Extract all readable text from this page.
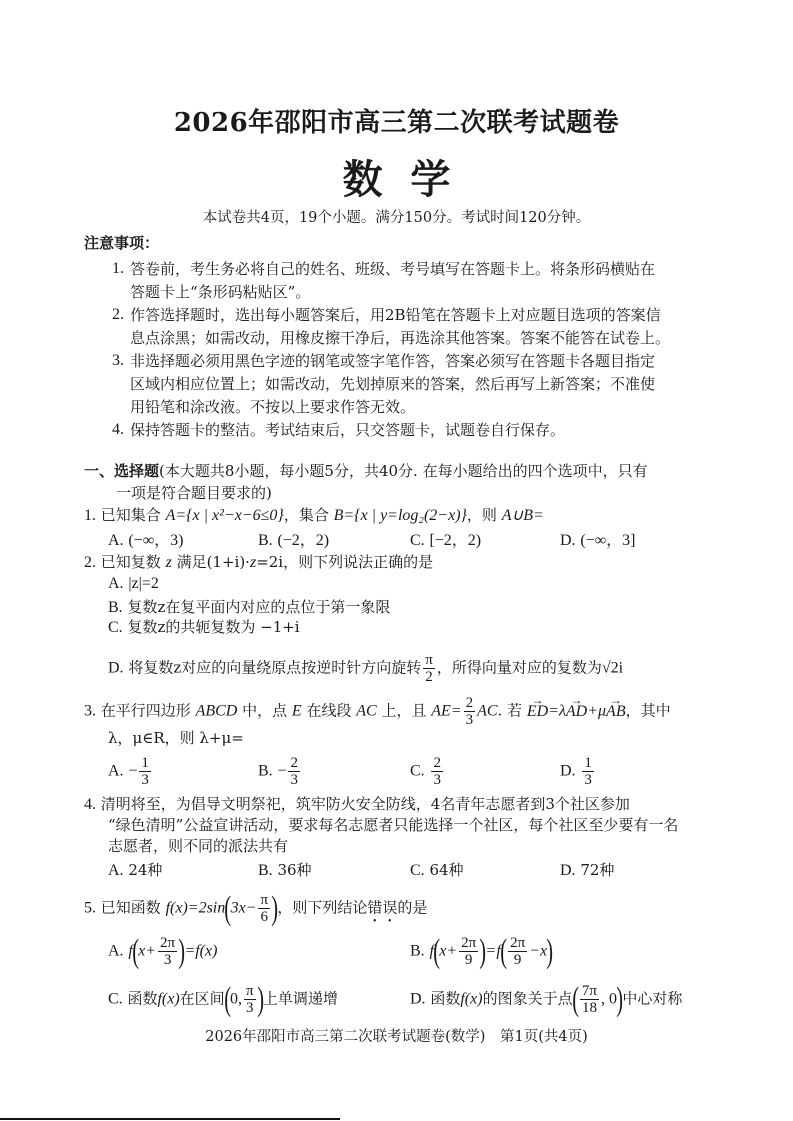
2026年邵阳市高三第二次联考试题卷
数  学
本试卷共4页，19个小题。满分150分。考试时间120分钟。
注意事项：
1. 答卷前，考生务必将自己的姓名、班级、考号填写在答题卡上。将条形码横贴在
答题卡上“条形码粘贴区”。
2. 作答选择题时，选出每小题答案后，用2B铅笔在答题卡上对应题目选项的答案信
息点涂黑；如需改动，用橡皮擦干净后，再选涂其他答案。答案不能答在试卷上。
3. 非选择题必须用黑色字迹的钢笔或签字笔作答，答案必须写在答题卡各题目指定
区域内相应位置上；如需改动，先划掉原来的答案，然后再写上新答案；不准使
用铅笔和涂改液。不按以上要求作答无效。
4. 保持答题卡的整洁。考试结束后，只交答题卡，试题卷自行保存。
一、选择题(本大题共8小题，每小题5分，共40分. 在每小题给出的四个选项中，只有
一项是符合题目要求的)
1. 已知集合 A={x | x²−x−6≤0}，集合 B={x | y=log₂(2−x)}，则 A∪B=
A. (−∞，3)	B. (−2，2)	C. [−2，2)	D. (−∞，3]
2. 已知复数 z 满足(1+i)·z=2i，则下列说法正确的是
A. |z|=2
B. 复数z在复平面内对应的点位于第一象限
C. 复数z的共轭复数为 −1+i
D. 将复数z对应的向量绕原点按逆时针方向旋转 $\frac{\pi}{2}$ ，所得向量对应的复数为√2i
3. 在平行四边形 ABCD 中，点 E 在线段 AC 上，且 $AE= \frac{2}{3}$ AC. 若 → ED=λ→ AD+μ→ AB，其中
λ，μ∈R，则 λ+μ=
A. − $\frac{1}{3}$	B. − $\frac{2}{3}$	C. $\frac{2}{3}$	D. $\frac{1}{3}$
4. 清明将至，为倡导文明祭祀，筑牢防火安全防线，4名青年志愿者到3个社区参加
“绿色清明”公益宣讲活动，要求每名志愿者只能选择一个社区，每个社区至少要有一名
志愿者，则不同的派法共有
A. 24种	B. 36种	C. 64种	D. 72种
5. 已知函数 $f(x)=2\sin(3x- \frac{\pi}{6}$ )，则下列结论错误的是
A. $f(x+ \frac{2\pi}{3} )=f(x)$	B. $f(x+ \frac{2\pi}{9} )=f( \frac{2\pi}{9} -x)$
C. 函数f(x)在区间(0, $\frac{\pi}{3}$ )上单调递增	D. 函数f(x)的图象关于点( $\frac{7\pi}{18}$ , 0)中心对称
2026年邵阳市高三第二次联考试题卷(数学)　第1页(共4页)
